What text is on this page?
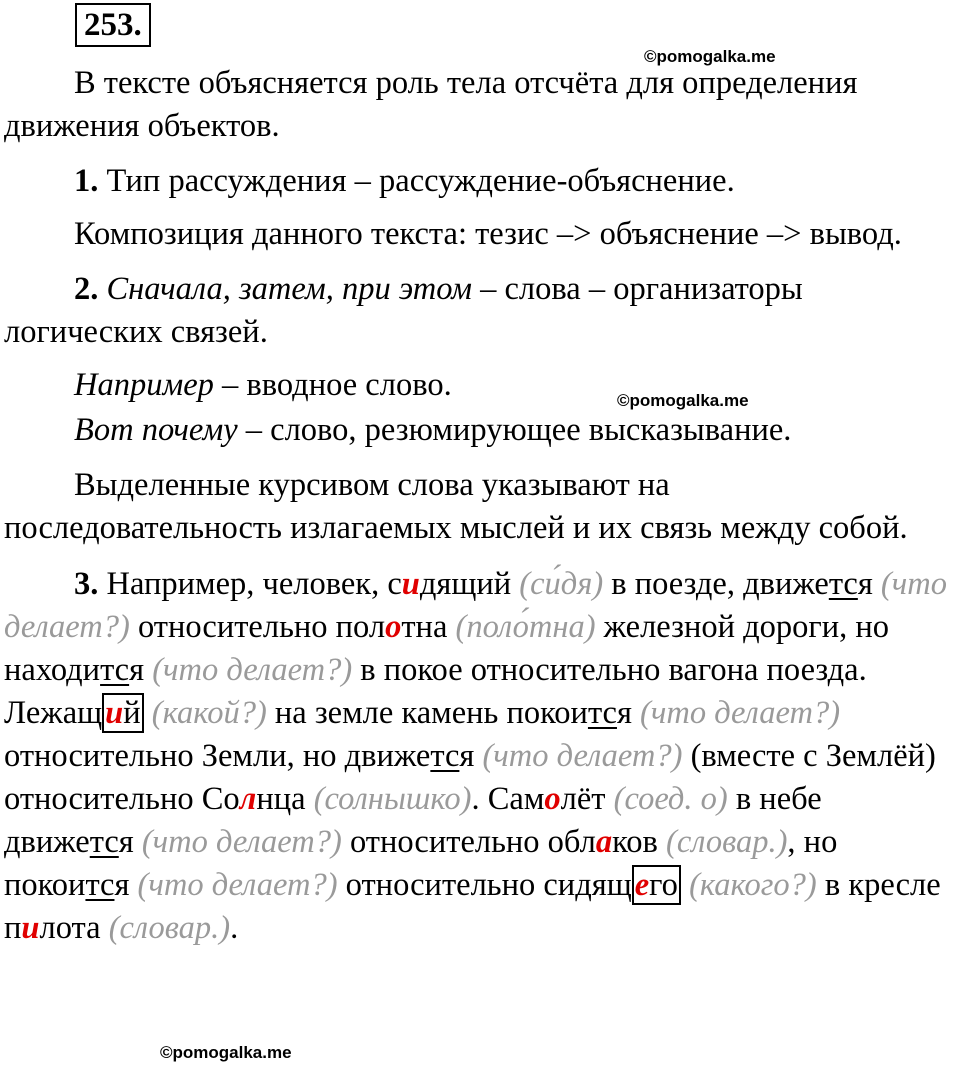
253.
©pomogalka.me
©pomogalka.me
©pomogalka.me

В тексте объясняется роль тела отсчёта для определения движения объектов.

1. Тип рассуждения – рассуждение-объяснение.

Композиция данного текста: тезис –> объяснение –> вывод.

2. Сначала, затем, при этом – слова – организаторы логических связей.

Например – вводное слово.

Вот почему – слово, резюмирующее высказывание.

Выделенные курсивом слова указывают на последовательность излагаемых мыслей и их связь между собой.

3. Например, человек, сидящий (си́дя) в поезде, движется (что делает?) относительно полотна (поло́тна) железной дороги, но находится (что делает?) в покое относительно вагона поезда. Лежащий (какой?) на земле камень покоится (что делает?) относительно Земли, но движется (что делает?) (вместе с Землёй) относительно Солнца (солнышко). Самолёт (соед. о) в небе движется (что делает?) относительно облаков (словар.), но покоится (что делает?) относительно сидящего (какого?) в кресле пилота (словар.).
